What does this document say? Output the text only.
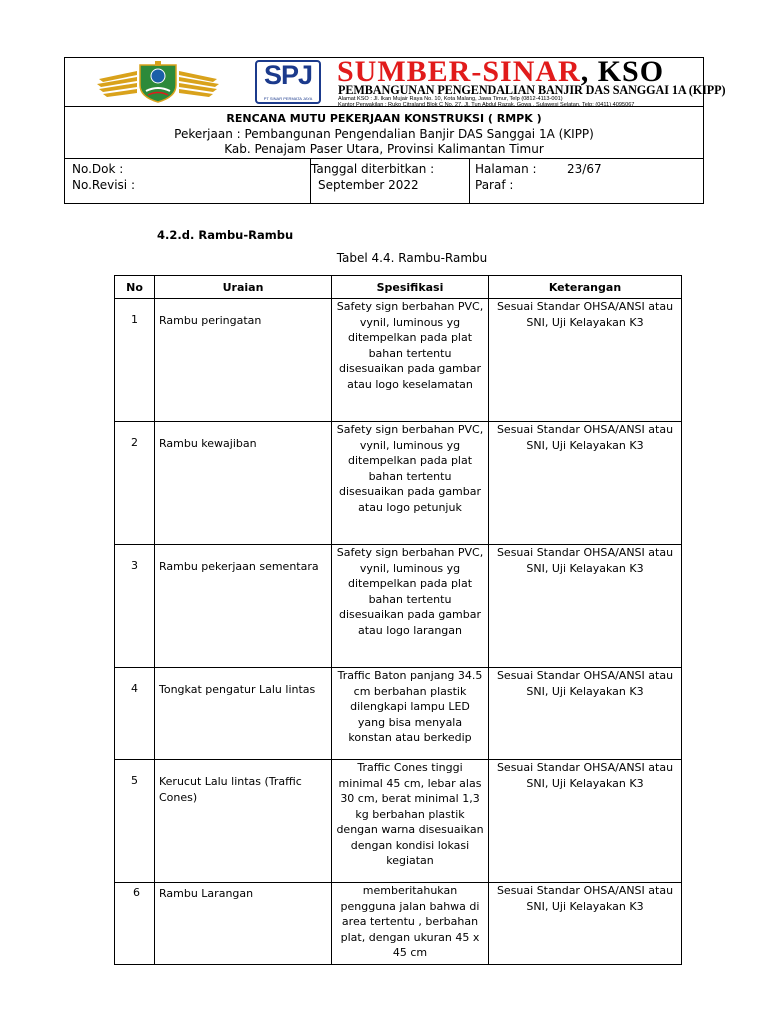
SPJ
PT SINAR PERMATA JAYA
SUMBER-SINAR, KSO
PEMBANGUNAN PENGENDALIAN BANJIR DAS SANGGAI 1A (KIPP)
Alamat KSO : Jl. Ikan Mujair Raya No. 10, Kota Malang, Jawa Timur, Telp (0812-4113-001)
Kantor Perwakilan : Ruko Citraland Blok C No. 27, Jl. Tun Abdul Razak, Gowa , Sulawesi Selatan, Telp: (0411) 4095067
RENCANA MUTU PEKERJAAN KONSTRUKSI ( RMPK )
Pekerjaan : Pembangunan Pengendalian Banjir DAS Sanggai 1A (KIPP)
Kab. Penajam Paser Utara, Provinsi Kalimantan Timur
No.Dok :
No.Revisi :
Tanggal diterbitkan :
September 2022
Halaman :	23/67
Paraf :
4.2.d. Rambu-Rambu
Tabel 4.4. Rambu-Rambu
No	Uraian	Spesifikasi	Keterangan
1	Rambu peringatan	Safety sign berbahan PVC, vynil, luminous yg ditempelkan pada plat bahan tertentu disesuaikan pada gambar atau logo keselamatan	Sesuai Standar OHSA/ANSI atau SNI, Uji Kelayakan K3
2	Rambu kewajiban	Safety sign berbahan PVC, vynil, luminous yg ditempelkan pada plat bahan tertentu disesuaikan pada gambar atau logo petunjuk	Sesuai Standar OHSA/ANSI atau SNI, Uji Kelayakan K3
3	Rambu pekerjaan sementara	Safety sign berbahan PVC, vynil, luminous yg ditempelkan pada plat bahan tertentu disesuaikan pada gambar atau logo larangan	Sesuai Standar OHSA/ANSI atau SNI, Uji Kelayakan K3
4	Tongkat pengatur Lalu lintas	Traffic Baton panjang 34.5 cm berbahan plastik dilengkapi lampu LED yang bisa menyala konstan atau berkedip	Sesuai Standar OHSA/ANSI atau SNI, Uji Kelayakan K3
5	Kerucut Lalu lintas (Traffic Cones)	Traffic Cones tinggi minimal 45 cm, lebar alas 30 cm, berat minimal 1,3 kg berbahan plastik dengan warna disesuaikan dengan kondisi lokasi kegiatan	Sesuai Standar OHSA/ANSI atau SNI, Uji Kelayakan K3
6	Rambu Larangan	memberitahukan pengguna jalan bahwa di area tertentu , berbahan plat, dengan ukuran 45 x 45 cm	Sesuai Standar OHSA/ANSI atau SNI, Uji Kelayakan K3
